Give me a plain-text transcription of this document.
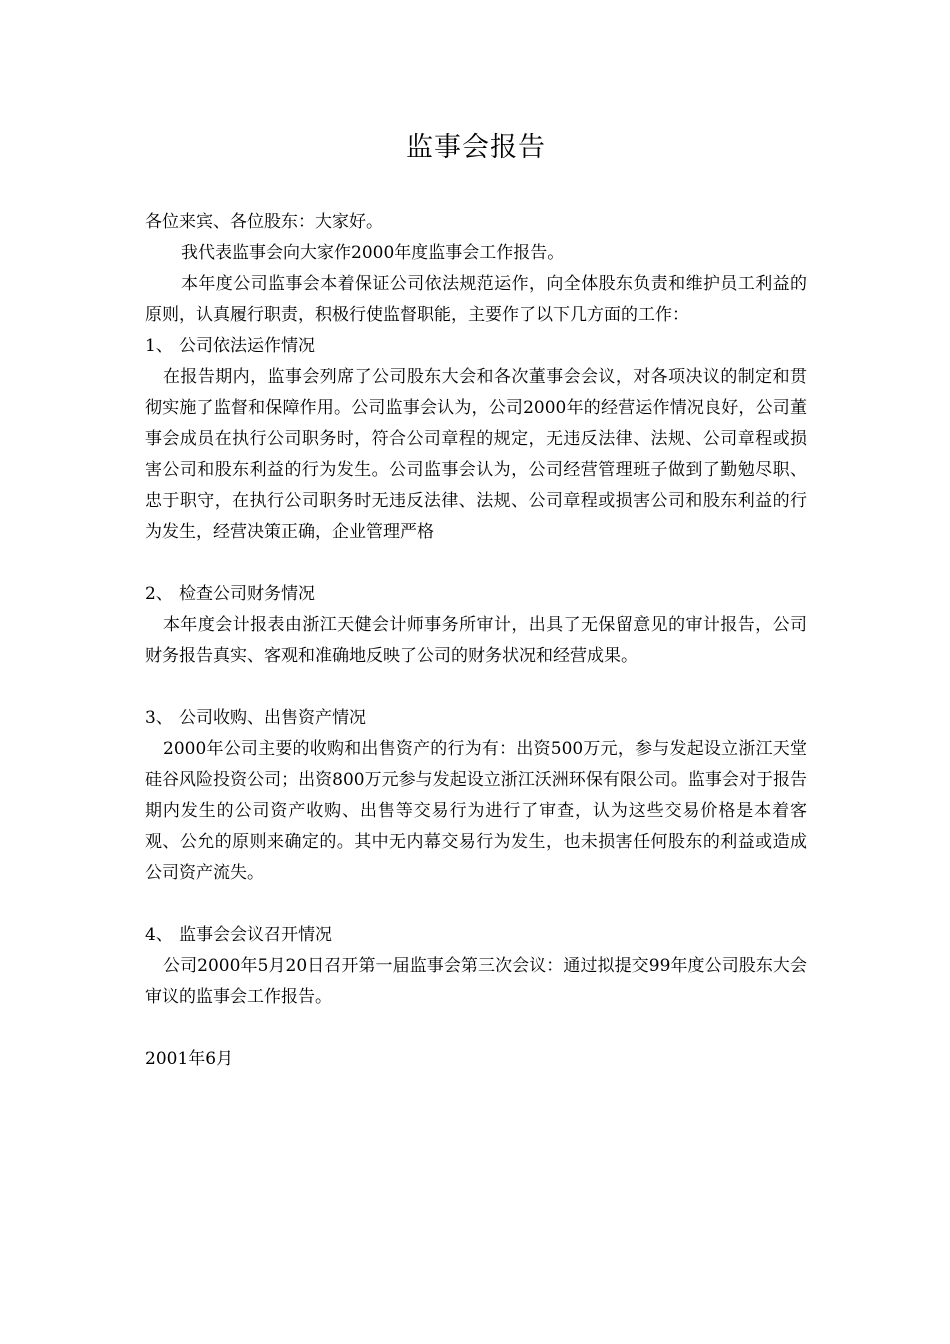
监事会报告

各位来宾、各位股东：大家好。

我代表监事会向大家作2000年度监事会工作报告。

本年度公司监事会本着保证公司依法规范运作，向全体股东负责和维护员工利益的原则，认真履行职责，积极行使监督职能，主要作了以下几方面的工作：

1、 公司依法运作情况

在报告期内，监事会列席了公司股东大会和各次董事会会议，对各项决议的制定和贯彻实施了监督和保障作用。公司监事会认为，公司2000年的经营运作情况良好，公司董事会成员在执行公司职务时，符合公司章程的规定，无违反法律、法规、公司章程或损害公司和股东利益的行为发生。公司监事会认为，公司经营管理班子做到了勤勉尽职、忠于职守，在执行公司职务时无违反法律、法规、公司章程或损害公司和股东利益的行为发生，经营决策正确，企业管理严格

2、 检查公司财务情况

本年度会计报表由浙江天健会计师事务所审计，出具了无保留意见的审计报告，公司财务报告真实、客观和准确地反映了公司的财务状况和经营成果。

3、 公司收购、出售资产情况

2000年公司主要的收购和出售资产的行为有：出资500万元，参与发起设立浙江天堂硅谷风险投资公司；出资800万元参与发起设立浙江沃洲环保有限公司。监事会对于报告期内发生的公司资产收购、出售等交易行为进行了审查，认为这些交易价格是本着客观、公允的原则来确定的。其中无内幕交易行为发生，也未损害任何股东的利益或造成公司资产流失。

4、 监事会会议召开情况

公司2000年5月20日召开第一届监事会第三次会议：通过拟提交99年度公司股东大会审议的监事会工作报告。

2001年6月
